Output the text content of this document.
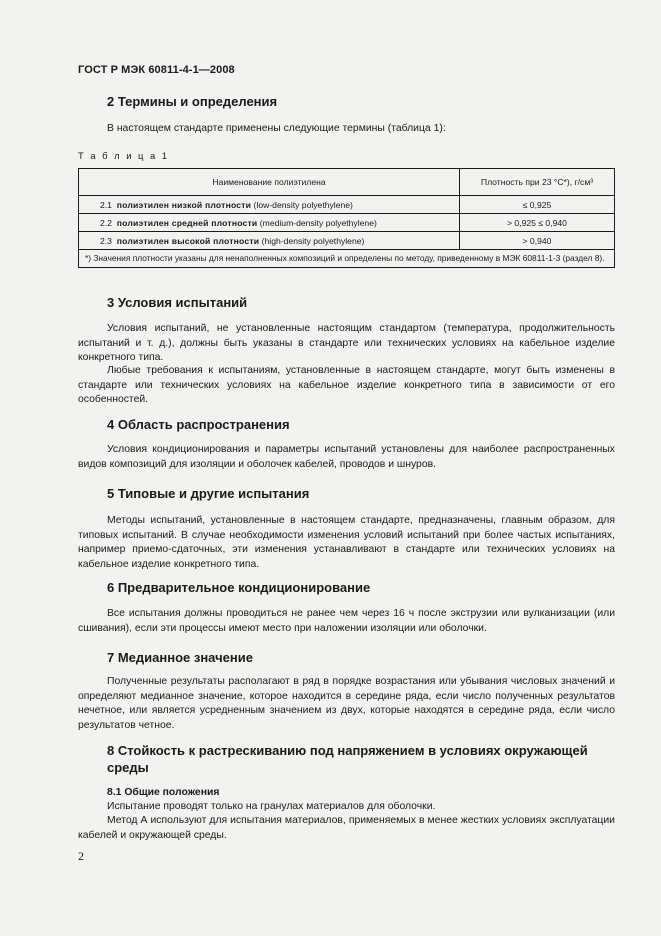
ГОСТ Р МЭК 60811-4-1—2008
2 Термины и определения
В настоящем стандарте применены следующие термины (таблица 1):
Т а б л и ц а 1
Наименование полиэтилена	Плотность при 23 °С*), г/см³
2.1 полиэтилен низкой плотности (low-density polyethylene)	≤ 0,925
2.2 полиэтилен средней плотности (medium-density polyethylene)	> 0,925 ≤ 0,940
2.3 полиэтилен высокой плотности (high-density polyethylene)	> 0,940
*) Значения плотности указаны для ненаполненных композиций и определены по методу, приведенному в МЭК 60811-1-3 (раздел 8).	
3 Условия испытаний
Условия испытаний, не установленные настоящим стандартом (температура, продолжительность испытаний и т. д.), должны быть указаны в стандарте или технических условиях на кабельное изделие конкретного типа.
Любые требования к испытаниям, установленные в настоящем стандарте, могут быть изменены в стандарте или технических условиях на кабельное изделие конкретного типа в зависимости от его особенностей.
4 Область распространения
Условия кондиционирования и параметры испытаний установлены для наиболее распространенных видов композиций для изоляции и оболочек кабелей, проводов и шнуров.
5 Типовые и другие испытания
Методы испытаний, установленные в настоящем стандарте, предназначены, главным образом, для типовых испытаний. В случае необходимости изменения условий испытаний при более частых испытаниях, например приемо-сдаточных, эти изменения устанавливают в стандарте или технических условиях на кабельное изделие конкретного типа.
6 Предварительное кондиционирование
Все испытания должны проводиться не ранее чем через 16 ч после экструзии или вулканизации (или сшивания), если эти процессы имеют место при наложении изоляции или оболочки.
7 Медианное значение
Полученные результаты располагают в ряд в порядке возрастания или убывания числовых значений и определяют медианное значение, которое находится в середине ряда, если число полученных результатов нечетное, или является усредненным значением из двух, которые находятся в середине ряда, если число результатов четное.
8 Стойкость к растрескиванию под напряжением в условиях окружающей среды
8.1 Общие положения
Испытание проводят только на гранулах материалов для оболочки.
Метод А используют для испытания материалов, применяемых в менее жестких условиях эксплуатации кабелей и окружающей среды.
2
